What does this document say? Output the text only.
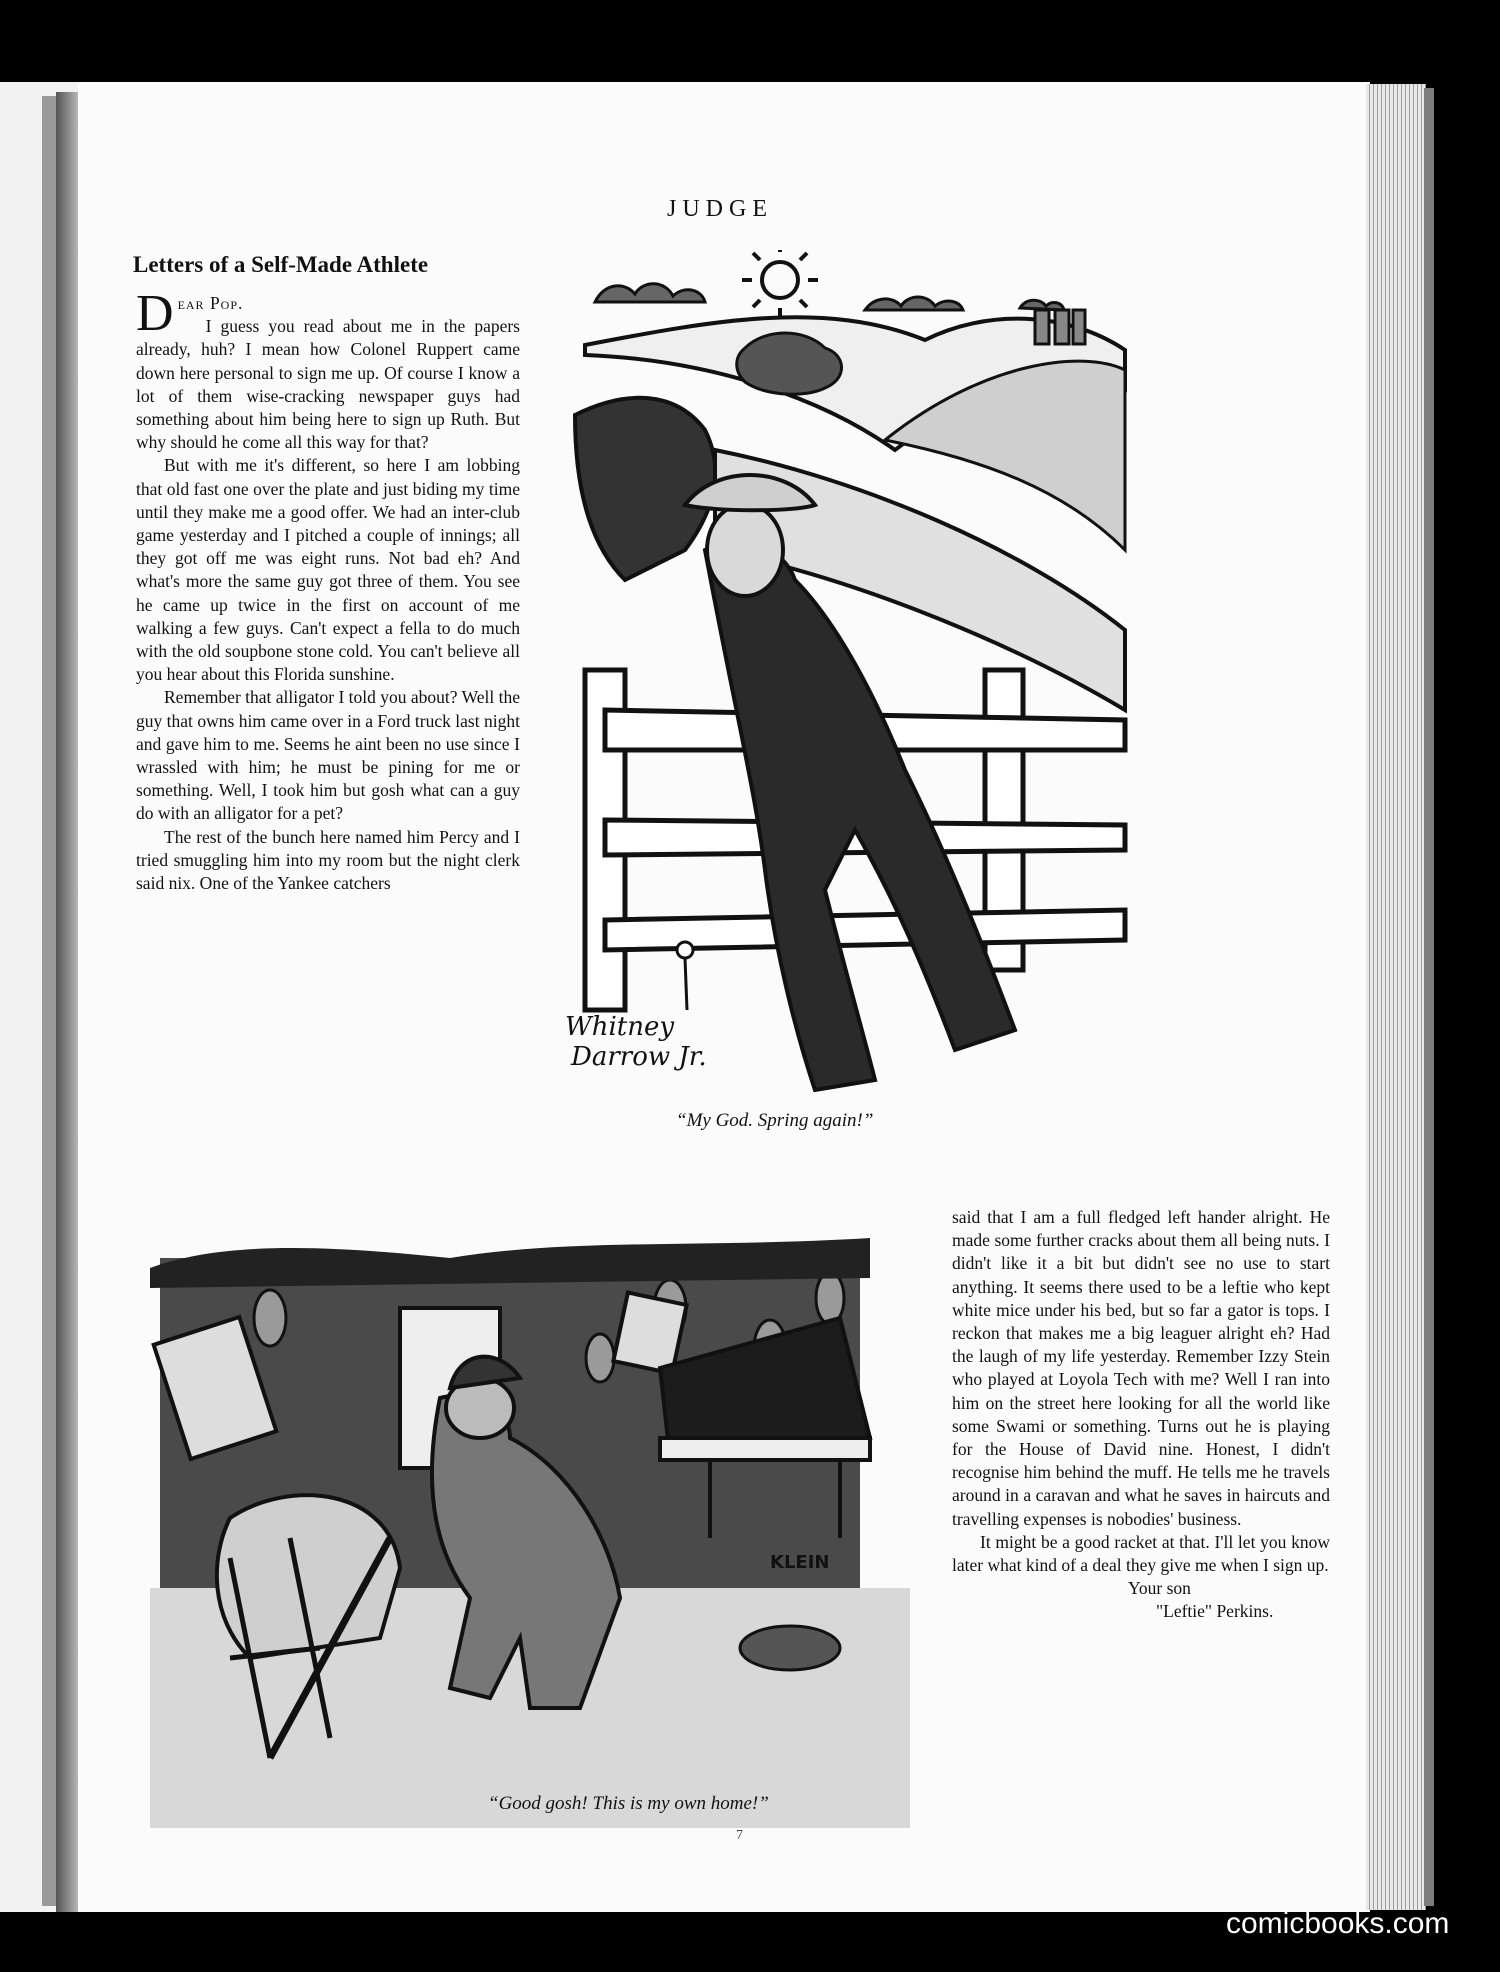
JUDGE
Letters of a Self-Made Athlete

Dear Pop.

I guess you read about me in the papers already, huh? I mean how Colonel Ruppert came down here personal to sign me up. Of course I know a lot of them wise-cracking newspaper guys had something about him being here to sign up Ruth. But why should he come all this way for that?

But with me it's different, so here I am lobbing that old fast one over the plate and just biding my time until they make me a good offer. We had an inter-club game yesterday and I pitched a couple of innings; all they got off me was eight runs. Not bad eh? And what's more the same guy got three of them. You see he came up twice in the first on account of me walking a few guys. Can't expect a fella to do much with the old soupbone stone cold. You can't believe all you hear about this Florida sunshine.

Remember that alligator I told you about? Well the guy that owns him came over in a Ford truck last night and gave him to me. Seems he aint been no use since I wrassled with him; he must be pining for me or something. Well, I took him but gosh what can a guy do with an alligator for a pet?

The rest of the bunch here named him Percy and I tried smuggling him into my room but the night clerk said nix. One of the Yankee catchers

Whitney
Darrow Jr.
“My God. Spring again!”
KLEIN
“Good gosh! This is my own home!”

said that I am a full fledged left hander alright. He made some further cracks about them all being nuts. I didn't like it a bit but didn't see no use to start anything. It seems there used to be a leftie who kept white mice under his bed, but so far a gator is tops. I reckon that makes me a big leaguer alright eh? Had the laugh of my life yesterday. Remember Izzy Stein who played at Loyola Tech with me? Well I ran into him on the street here looking for all the world like some Swami or something. Turns out he is playing for the House of David nine. Honest, I didn't recognise him behind the muff. He tells me he travels around in a caravan and what he saves in haircuts and travelling expenses is nobodies' business.

It might be a good racket at that. I'll let you know later what kind of a deal they give me when I sign up.

Your son

"Leftie" Perkins.

7
comicbooks.com
